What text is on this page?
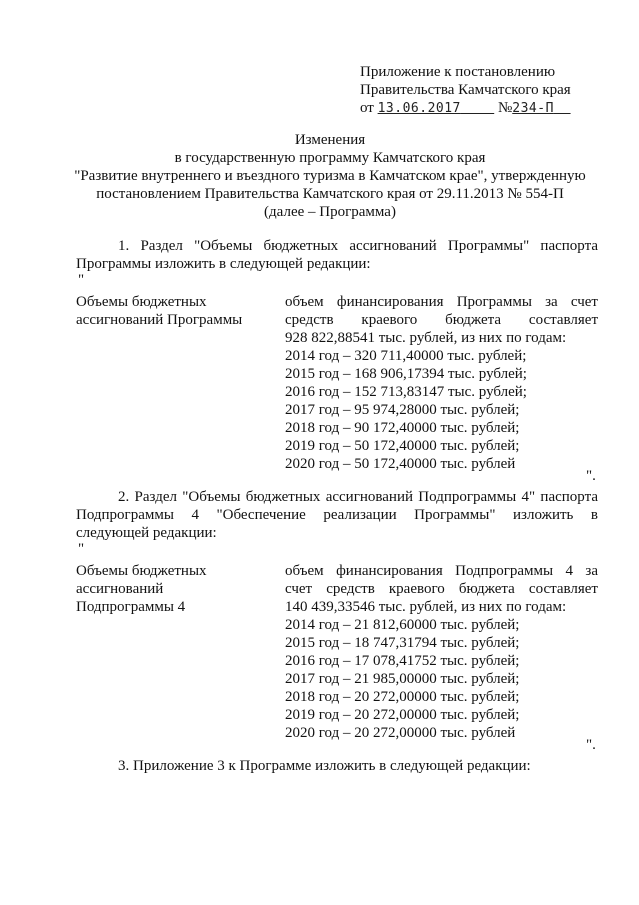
Приложение к постановлению
Правительства Камчатского края
от 13.06.2017 №234-П
Изменения
в государственную программу Камчатского края
"Развитие внутреннего и въездного туризма в Камчатском крае", утвержденную
постановлением Правительства Камчатского края от 29.11.2013 № 554-П
(далее – Программа)
1. Раздел "Объемы бюджетных ассигнований Программы" паспорта
Программы изложить в следующей редакции:
"
Объемы бюджетных
ассигнований Программы
объем финансирования Программы за счет
средств краевого бюджета составляет
928 822,88541 тыс. рублей, из них по годам:
2014 год – 320 711,40000 тыс. рублей;
2015 год – 168 906,17394 тыс. рублей;
2016 год – 152 713,83147 тыс. рублей;
2017 год – 95 974,28000 тыс. рублей;
2018 год – 90 172,40000 тыс. рублей;
2019 год – 50 172,40000 тыс. рублей;
2020 год – 50 172,40000 тыс. рублей
".
2. Раздел "Объемы бюджетных ассигнований Подпрограммы 4" паспорта
Подпрограммы 4 "Обеспечение реализации Программы" изложить в
следующей редакции:
"
Объемы бюджетных
ассигнований
Подпрограммы 4
объем финансирования Подпрограммы 4 за
счет средств краевого бюджета составляет
140 439,33546 тыс. рублей, из них по годам:
2014 год – 21 812,60000 тыс. рублей;
2015 год – 18 747,31794 тыс. рублей;
2016 год – 17 078,41752 тыс. рублей;
2017 год – 21 985,00000 тыс. рублей;
2018 год – 20 272,00000 тыс. рублей;
2019 год – 20 272,00000 тыс. рублей;
2020 год – 20 272,00000 тыс. рублей
".
3. Приложение 3 к Программе изложить в следующей редакции:
